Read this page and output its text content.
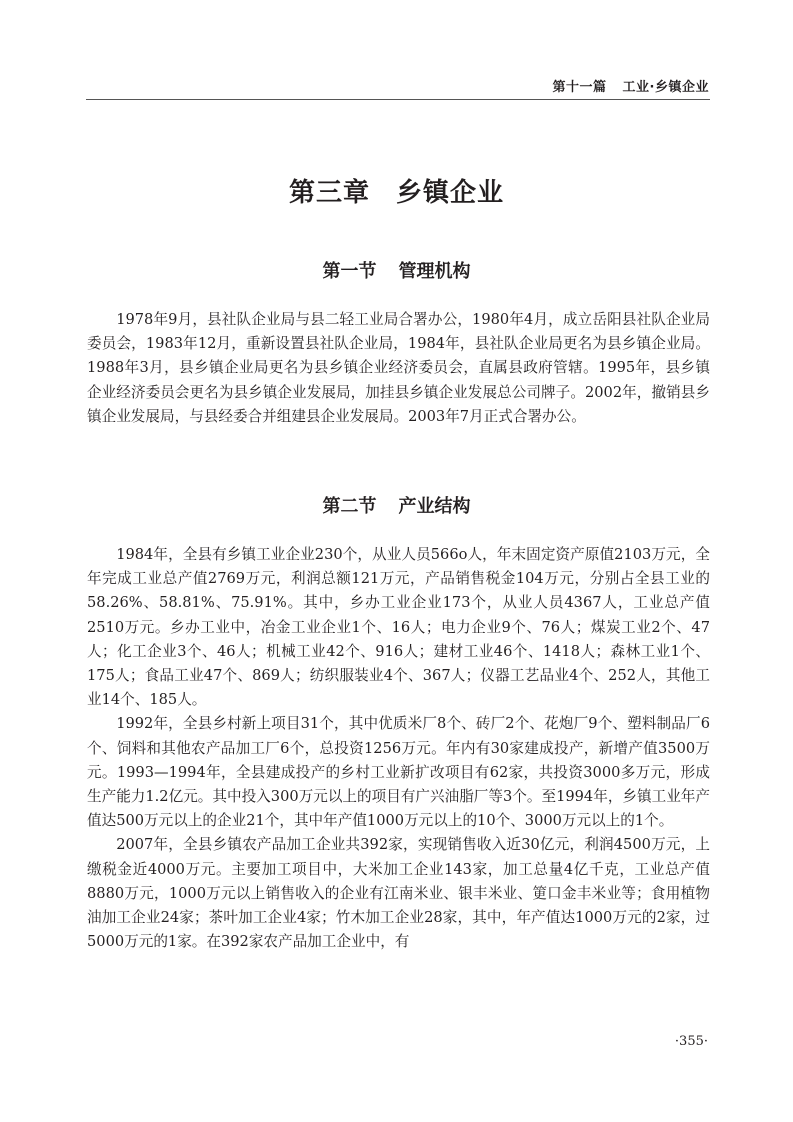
第十一篇 工业·乡镇企业
第三章 乡镇企业
第一节 管理机构

1978年9月，县社队企业局与县二轻工业局合署办公，1980年4月，成立岳阳县社队企业局委员会，1983年12月，重新设置县社队企业局，1984年，县社队企业局更名为县乡镇企业局。1988年3月，县乡镇企业局更名为县乡镇企业经济委员会，直属县政府管辖。1995年，县乡镇企业经济委员会更名为县乡镇企业发展局，加挂县乡镇企业发展总公司牌子。2002年，撤销县乡镇企业发展局，与县经委合并组建县企业发展局。2003年7月正式合署办公。

第二节 产业结构

1984年，全县有乡镇工业企业230个，从业人员566o人，年末固定资产原值2103万元，全年完成工业总产值2769万元，利润总额121万元，产品销售税金104万元，分别占全县工业的58.26%、58.81%、75.91%。其中，乡办工业企业173个，从业人员4367人，工业总产值2510万元。乡办工业中，冶金工业企业1个、16人；电力企业9个、76人；煤炭工业2个、47人；化工企业3个、46人；机械工业42个、916人；建材工业46个、1418人；森林工业1个、175人；食品工业47个、869人；纺织服装业4个、367人；仪器工艺品业4个、252人，其他工业14个、185人。

1992年，全县乡村新上项目31个，其中优质米厂8个、砖厂2个、花炮厂9个、塑料制品厂6个、饲料和其他农产品加工厂6个，总投资1256万元。年内有30家建成投产，新增产值3500万元。1993—1994年，全县建成投产的乡村工业新扩改项目有62家，共投资3000多万元，形成生产能力1.2亿元。其中投入300万元以上的项目有广兴油脂厂等3个。至1994年，乡镇工业年产值达500万元以上的企业21个，其中年产值1000万元以上的10个、3000万元以上的1个。

2007年，全县乡镇农产品加工企业共392家，实现销售收入近30亿元，利润4500万元，上缴税金近4000万元。主要加工项目中，大米加工企业143家，加工总量4亿千克，工业总产值8880万元，1000万元以上销售收入的企业有江南米业、银丰米业、筻口金丰米业等；食用植物油加工企业24家；茶叶加工企业4家；竹木加工企业28家，其中，年产值达1000万元的2家，过5000万元的1家。在392家农产品加工企业中，有

·355·
